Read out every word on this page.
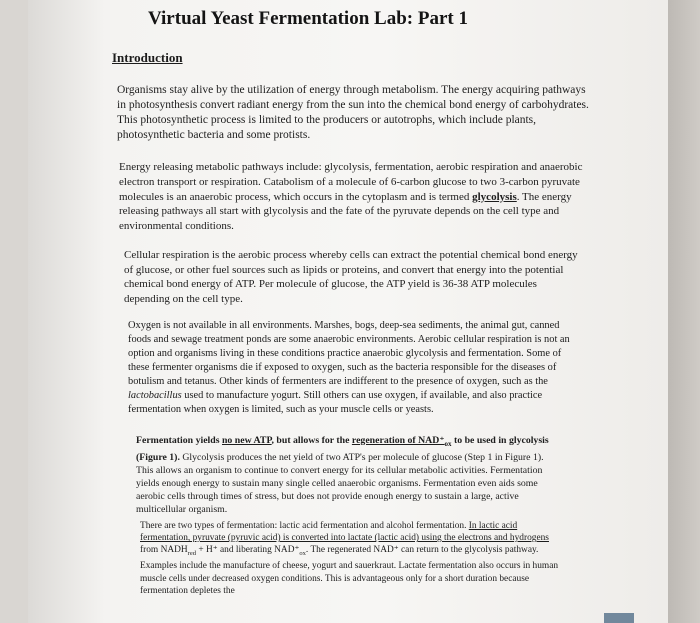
Virtual Yeast Fermentation Lab: Part 1
Introduction

Organisms stay alive by the utilization of energy through metabolism. The energy acquiring pathways in photosynthesis convert radiant energy from the sun into the chemical bond energy of carbohydrates. This photosynthetic process is limited to the producers or autotrophs, which include plants, photosynthetic bacteria and some protists.

Energy releasing metabolic pathways include: glycolysis, fermentation, aerobic respiration and anaerobic electron transport or respiration. Catabolism of a molecule of 6-carbon glucose to two 3-carbon pyruvate molecules is an anaerobic process, which occurs in the cytoplasm and is termed glycolysis. The energy releasing pathways all start with glycolysis and the fate of the pyruvate depends on the cell type and environmental conditions.

Cellular respiration is the aerobic process whereby cells can extract the potential chemical bond energy of glucose, or other fuel sources such as lipids or proteins, and convert that energy into the potential chemical bond energy of ATP. Per molecule of glucose, the ATP yield is 36-38 ATP molecules depending on the cell type.

Oxygen is not available in all environments. Marshes, bogs, deep-sea sediments, the animal gut, canned foods and sewage treatment ponds are some anaerobic environments. Aerobic cellular respiration is not an option and organisms living in these conditions practice anaerobic glycolysis and fermentation. Some of these fermenter organisms die if exposed to oxygen, such as the bacteria responsible for the diseases of botulism and tetanus. Other kinds of fermenters are indifferent to the presence of oxygen, such as the lactobacillus used to manufacture yogurt. Still others can use oxygen, if available, and also practice fermentation when oxygen is limited, such as your muscle cells or yeasts.

Fermentation yields no new ATP, but allows for the regeneration of $NAD^+_{ox}$ to be used in glycolysis (Figure 1). Glycolysis produces the net yield of two ATP's per molecule of glucose (Step 1 in Figure 1). This allows an organism to continue to convert energy for its cellular metabolic activities. Fermentation yields enough energy to sustain many single celled anaerobic organisms. Fermentation even aids some aerobic cells through times of stress, but does not provide enough energy to sustain a large, active multicellular organism.

There are two types of fermentation: lactic acid fermentation and alcohol fermentation. In lactic acid fermentation, pyruvate (pyruvic acid) is converted into lactate (lactic acid) using the electrons and hydrogens from $NADH_{red} + H^+$ and liberating $NAD^+_{ox}$. The regenerated NAD⁺ can return to the glycolysis pathway. Examples include the manufacture of cheese, yogurt and sauerkraut. Lactate fermentation also occurs in human muscle cells under decreased oxygen conditions. This is advantageous only for a short duration because fermentation depletes the
